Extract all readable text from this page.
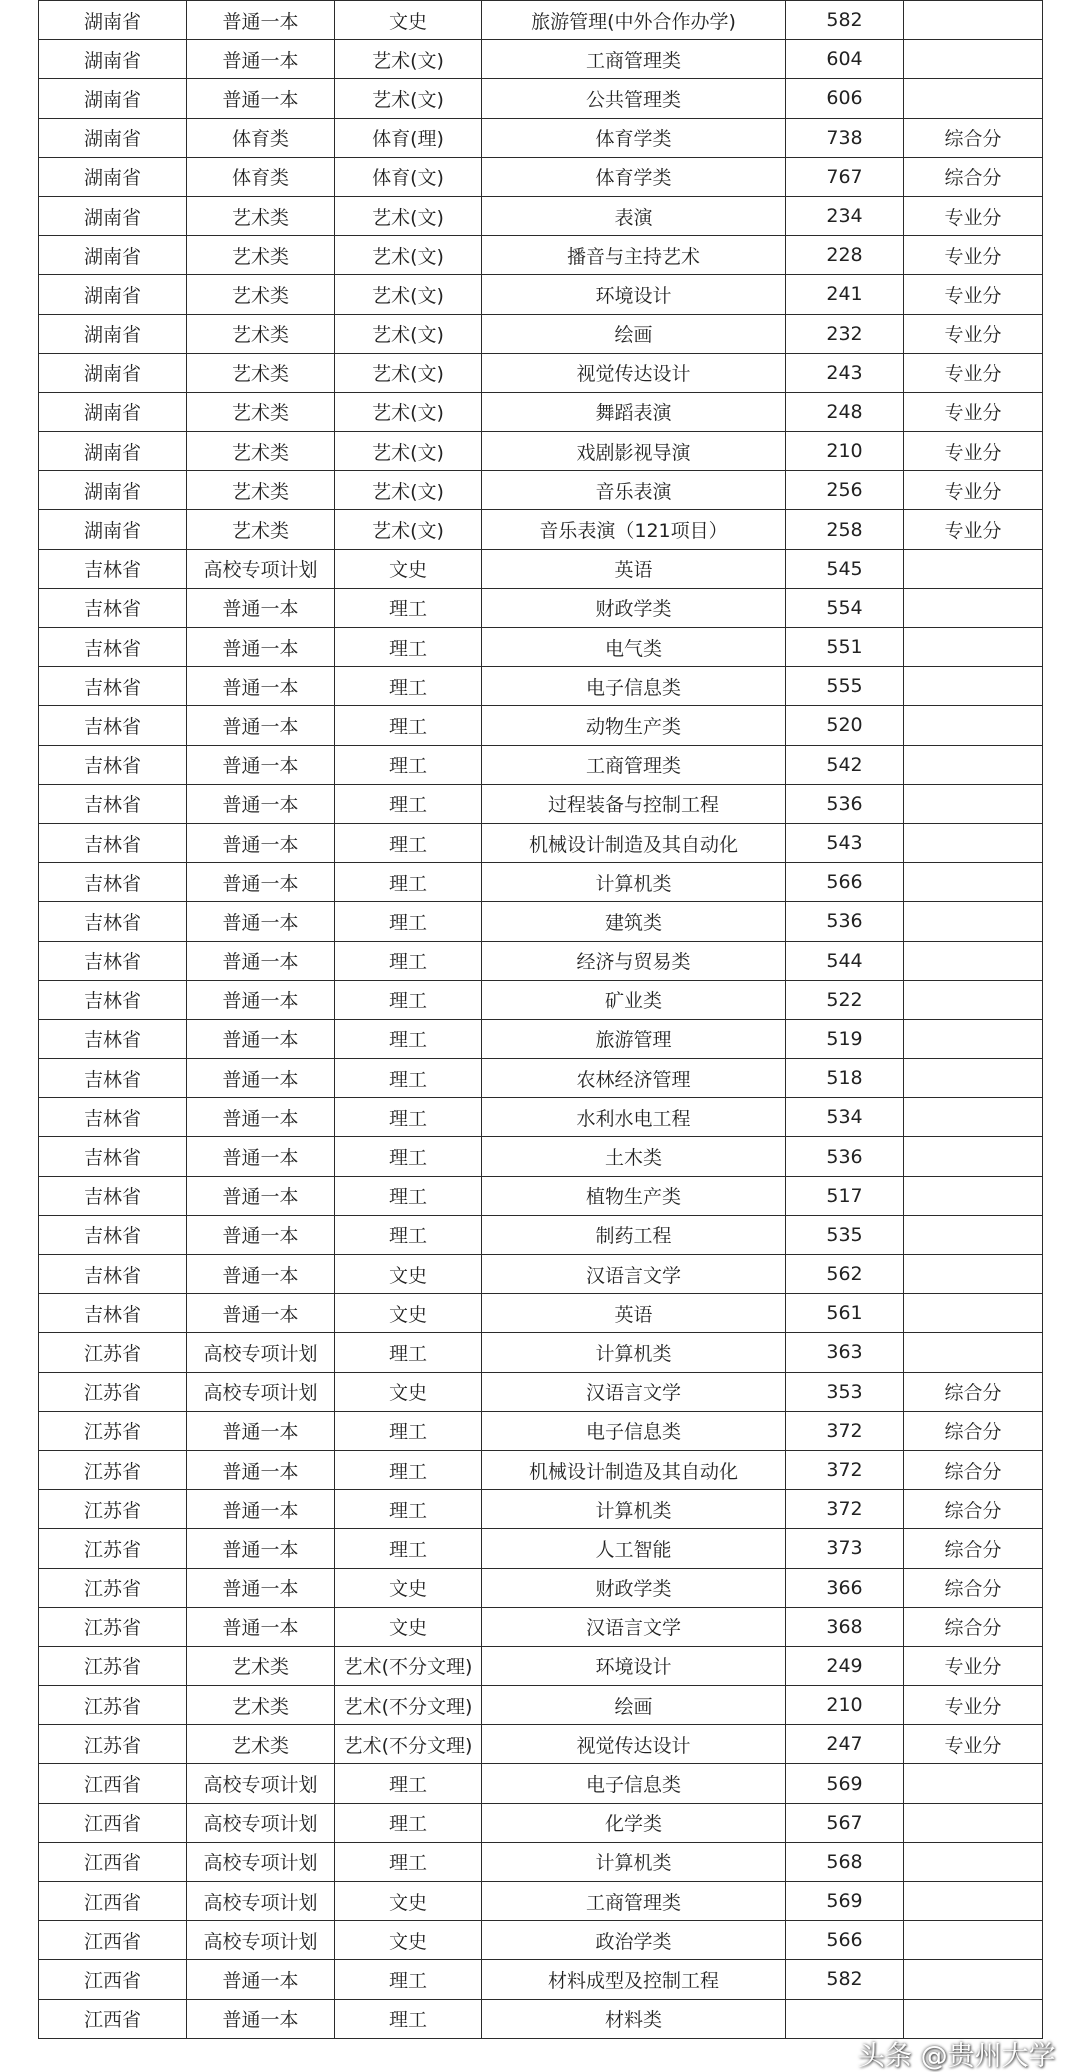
湖南省	普通一本	文史	旅游管理(中外合作办学)	582	
湖南省	普通一本	艺术(文)	工商管理类	604	
湖南省	普通一本	艺术(文)	公共管理类	606	
湖南省	体育类	体育(理)	体育学类	738	综合分
湖南省	体育类	体育(文)	体育学类	767	综合分
湖南省	艺术类	艺术(文)	表演	234	专业分
湖南省	艺术类	艺术(文)	播音与主持艺术	228	专业分
湖南省	艺术类	艺术(文)	环境设计	241	专业分
湖南省	艺术类	艺术(文)	绘画	232	专业分
湖南省	艺术类	艺术(文)	视觉传达设计	243	专业分
湖南省	艺术类	艺术(文)	舞蹈表演	248	专业分
湖南省	艺术类	艺术(文)	戏剧影视导演	210	专业分
湖南省	艺术类	艺术(文)	音乐表演	256	专业分
湖南省	艺术类	艺术(文)	音乐表演（121项目）	258	专业分
吉林省	高校专项计划	文史	英语	545	
吉林省	普通一本	理工	财政学类	554	
吉林省	普通一本	理工	电气类	551	
吉林省	普通一本	理工	电子信息类	555	
吉林省	普通一本	理工	动物生产类	520	
吉林省	普通一本	理工	工商管理类	542	
吉林省	普通一本	理工	过程装备与控制工程	536	
吉林省	普通一本	理工	机械设计制造及其自动化	543	
吉林省	普通一本	理工	计算机类	566	
吉林省	普通一本	理工	建筑类	536	
吉林省	普通一本	理工	经济与贸易类	544	
吉林省	普通一本	理工	矿业类	522	
吉林省	普通一本	理工	旅游管理	519	
吉林省	普通一本	理工	农林经济管理	518	
吉林省	普通一本	理工	水利水电工程	534	
吉林省	普通一本	理工	土木类	536	
吉林省	普通一本	理工	植物生产类	517	
吉林省	普通一本	理工	制药工程	535	
吉林省	普通一本	文史	汉语言文学	562	
吉林省	普通一本	文史	英语	561	
江苏省	高校专项计划	理工	计算机类	363	
江苏省	高校专项计划	文史	汉语言文学	353	综合分
江苏省	普通一本	理工	电子信息类	372	综合分
江苏省	普通一本	理工	机械设计制造及其自动化	372	综合分
江苏省	普通一本	理工	计算机类	372	综合分
江苏省	普通一本	理工	人工智能	373	综合分
江苏省	普通一本	文史	财政学类	366	综合分
江苏省	普通一本	文史	汉语言文学	368	综合分
江苏省	艺术类	艺术(不分文理)	环境设计	249	专业分
江苏省	艺术类	艺术(不分文理)	绘画	210	专业分
江苏省	艺术类	艺术(不分文理)	视觉传达设计	247	专业分
江西省	高校专项计划	理工	电子信息类	569	
江西省	高校专项计划	理工	化学类	567	
江西省	高校专项计划	理工	计算机类	568	
江西省	高校专项计划	文史	工商管理类	569	
江西省	高校专项计划	文史	政治学类	566	
江西省	普通一本	理工	材料成型及控制工程	582	
江西省	普通一本	理工	材料类		
头条 @贵州大学
